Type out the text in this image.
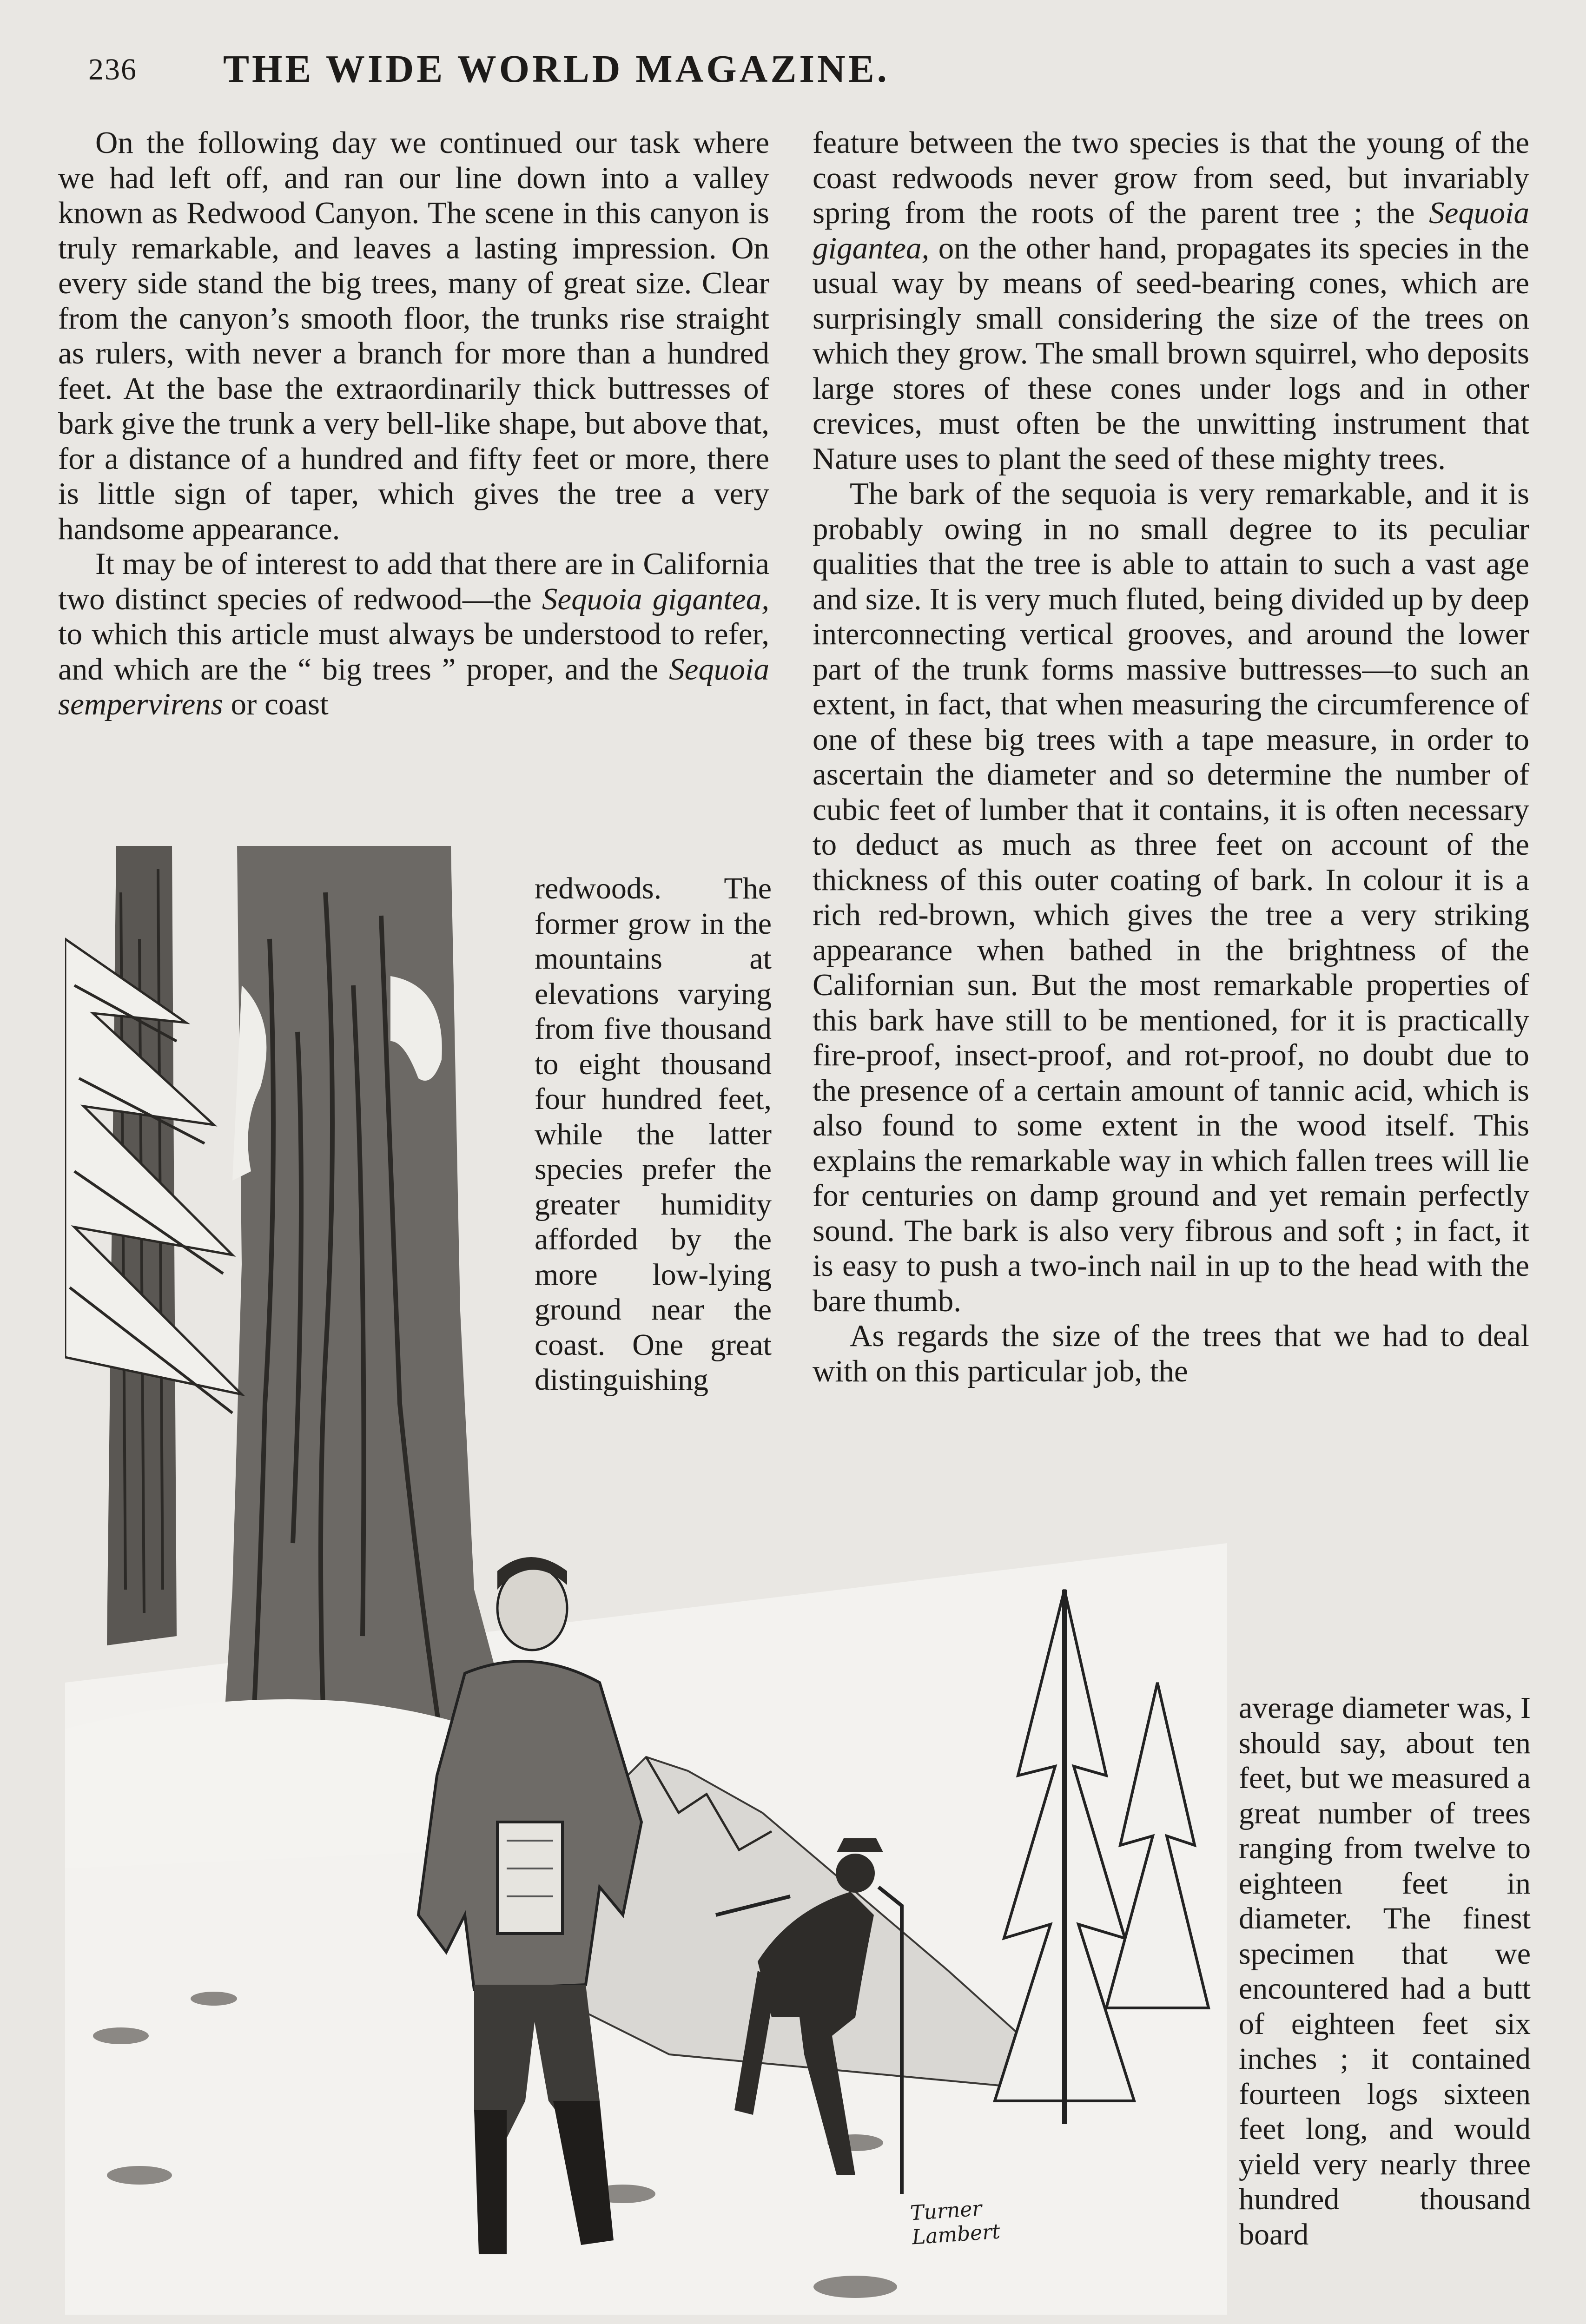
236 THE WIDE WORLD MAGAZINE.

On the following day we continued our task where we had left off, and ran our line down into a valley known as Redwood Canyon. The scene in this canyon is truly remarkable, and leaves a lasting impression. On every side stand the big trees, many of great size. Clear from the canyon’s smooth floor, the trunks rise straight as rulers, with never a branch for more than a hundred feet. At the base the extraordinarily thick buttresses of bark give the trunk a very bell-like shape, but above that, for a distance of a hundred and fifty feet or more, there is little sign of taper, which gives the tree a very handsome appearance.

It may be of interest to add that there are in California two distinct species of redwood—the Sequoia gigantea, to which this article must always be understood to refer, and which are the “ big trees ” proper, and the Sequoia sempervirens or coast

redwoods. The former grow in the mountains at elevations varying from five thousand to eight thousand four hundred feet, while the latter species prefer the greater humidity afforded by the more low-lying ground near the coast. One great distinguishing

feature between the two species is that the young of the coast redwoods never grow from seed, but invariably spring from the roots of the parent tree ; the Sequoia gigantea, on the other hand, propagates its species in the usual way by means of seed-bearing cones, which are surprisingly small considering the size of the trees on which they grow. The small brown squirrel, who deposits large stores of these cones under logs and in other crevices, must often be the unwitting instrument that Nature uses to plant the seed of these mighty trees.

The bark of the sequoia is very remarkable, and it is probably owing in no small degree to its peculiar qualities that the tree is able to attain to such a vast age and size. It is very much fluted, being divided up by deep interconnecting vertical grooves, and around the lower part of the trunk forms massive buttresses—to such an extent, in fact, that when measuring the circumference of one of these big trees with a tape measure, in order to ascertain the diameter and so determine the number of cubic feet of lumber that it contains, it is often necessary to deduct as much as three feet on account of the thickness of this outer coating of bark. In colour it is a rich red-brown, which gives the tree a very striking appearance when bathed in the brightness of the Californian sun. But the most remarkable properties of this bark have still to be mentioned, for it is practically fire-proof, insect-proof, and rot-proof, no doubt due to the presence of a certain amount of tannic acid, which is also found to some extent in the wood itself. This explains the remarkable way in which fallen trees will lie for centuries on damp ground and yet remain perfectly sound. The bark is also very fibrous and soft ; in fact, it is easy to push a two-inch nail in up to the head with the bare thumb.

As regards the size of the trees that we had to deal with on this particular job, the

average diameter was, I should say, about ten feet, but we measured a great number of trees ranging from twelve to eighteen feet in diameter. The finest specimen that we encountered had a butt of eighteen feet six inches ; it contained fourteen logs sixteen feet long, and would yield very nearly three hundred thousand board

Turner
Lambert
